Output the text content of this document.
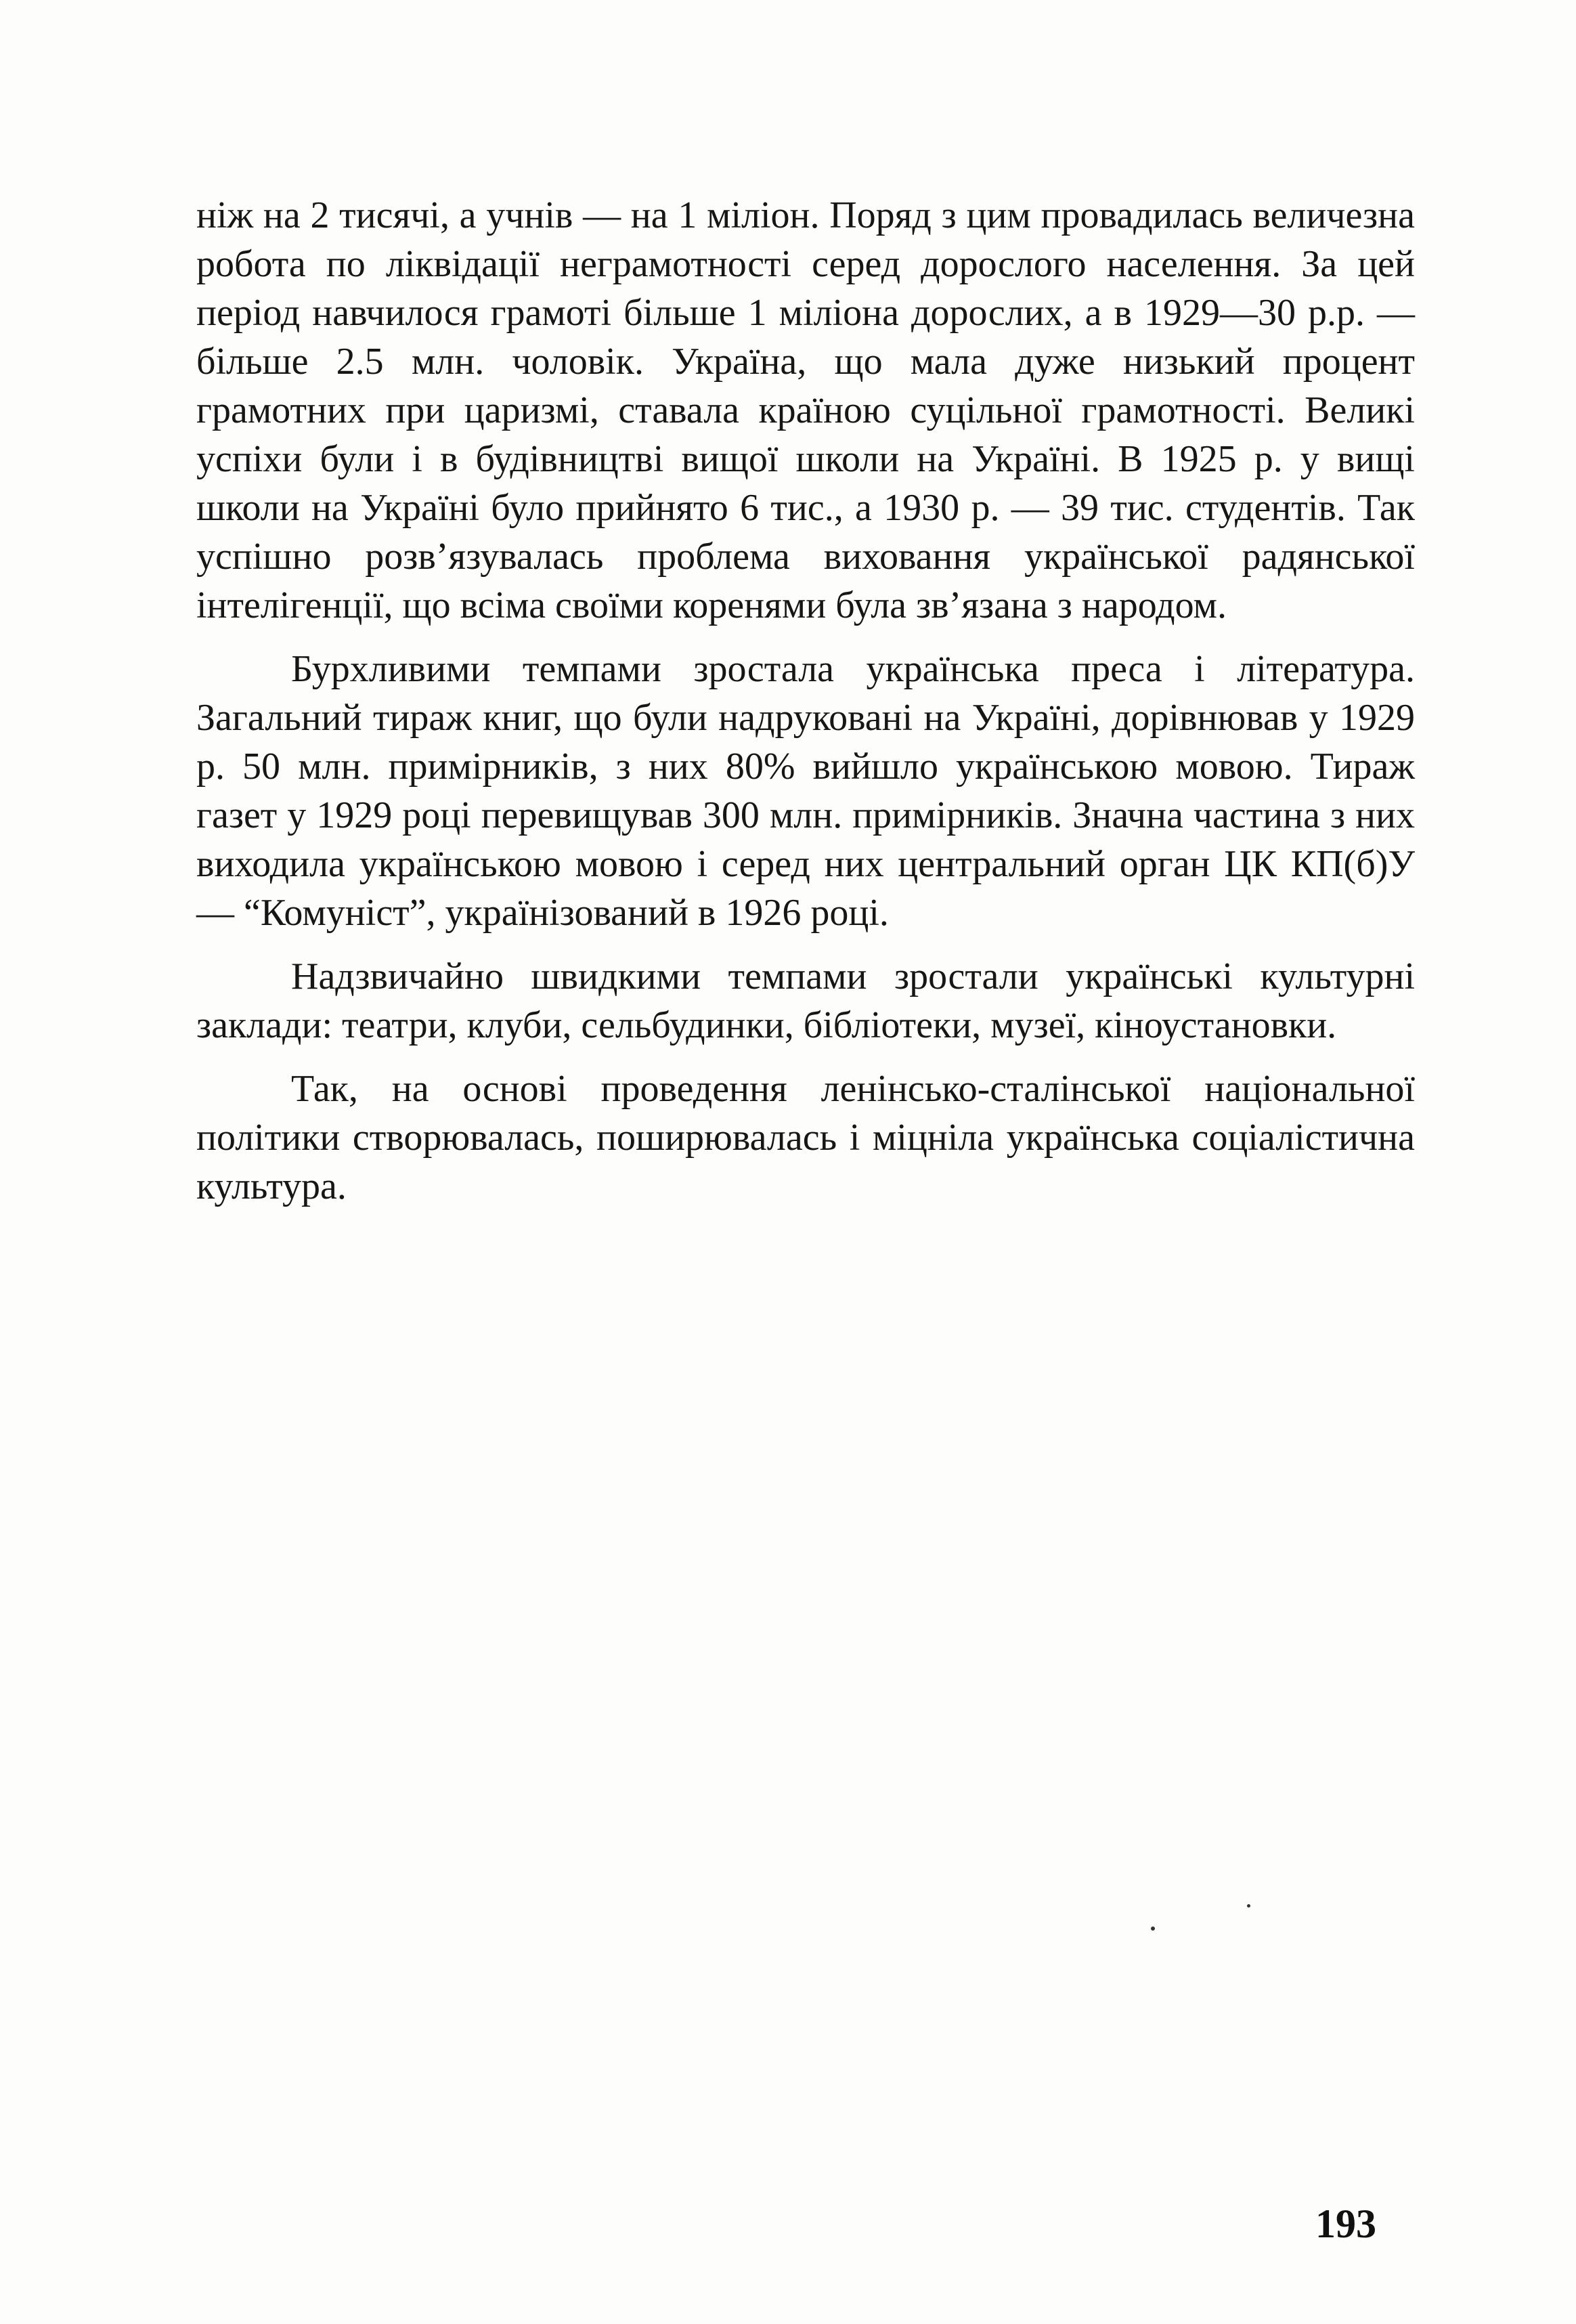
ніж на 2 тисячі, а учнів — на 1 міліон. Поряд з цим провадилась величезна робота по ліквідації неграмотності серед дорослого населення. За цей період навчилося грамоті більше 1 міліона дорослих, а в 1929—30 р.р. — більше 2.5 млн. чоловік. Україна, що мала дуже низький процент грамотних при царизмі, ставала країною суцільної грамотності. Великі успіхи були і в будівництві вищої школи на Україні. В 1925 р. у вищі школи на Україні було прийнято 6 тис., а 1930 р. — 39 тис. студентів. Так успішно розв’язувалась проблема виховання української радянської інтелігенції, що всіма своїми коренями була зв’язана з народом.

Бурхливими темпами зростала українська преса і література. Загальний тираж книг, що були надруковані на Україні, дорівнював у 1929 р. 50 млн. примірників, з них 80% вийшло українською мовою. Тираж газет у 1929 році перевищував 300 млн. примірників. Значна частина з них виходила українською мовою і серед них центральний орган ЦК КП(б)У — “Комуніст”, українізований в 1926 році.

Надзвичайно швидкими темпами зростали українські культурні заклади: театри, клуби, сельбудинки, бібліотеки, музеї, кіноустановки.

Так, на основі проведення ленінсько-сталінської національної політики створювалась, поширювалась і міцніла українська соціалістична культура.

193
